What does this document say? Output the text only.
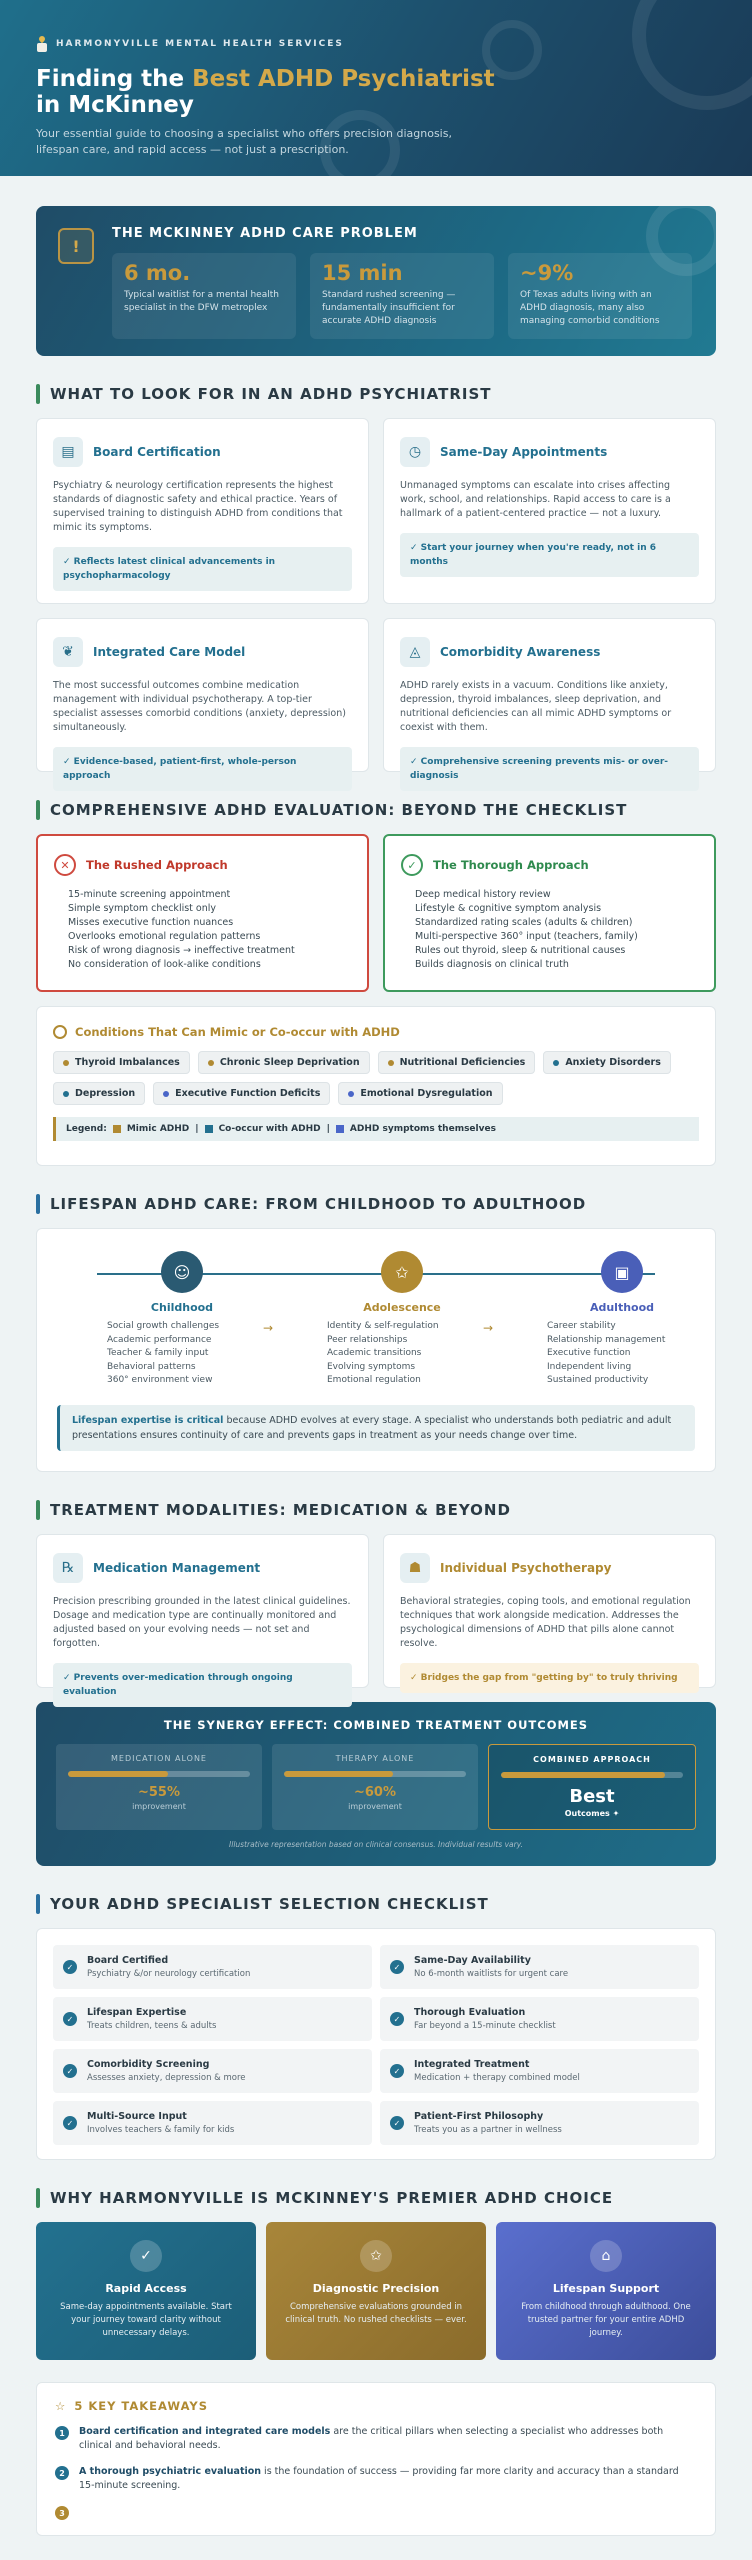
HARMONYVILLE MENTAL HEALTH SERVICES
Finding the Best ADHD Psychiatrist
in McKinney

Your essential guide to choosing a specialist who offers precision diagnosis, lifespan care, and rapid access — not just a prescription.

!
THE MCKINNEY ADHD CARE PROBLEM
6 mo.
Typical waitlist for a mental health specialist in the DFW metroplex
15 min
Standard rushed screening — fundamentally insufficient for accurate ADHD diagnosis
~9%
Of Texas adults living with an ADHD diagnosis, many also managing comorbid conditions
WHAT TO LOOK FOR IN AN ADHD PSYCHIATRIST
▤	Board Certification

Psychiatry & neurology certification represents the highest standards of diagnostic safety and ethical practice. Years of supervised training to distinguish ADHD from conditions that mimic its symptoms.

✓ Reflects latest clinical advancements in psychopharmacology
◷	Same-Day Appointments

Unmanaged symptoms can escalate into crises affecting work, school, and relationships. Rapid access to care is a hallmark of a patient-centered practice — not a luxury.

✓ Start your journey when you're ready, not in 6 months
❦	Integrated Care Model

The most successful outcomes combine medication management with individual psychotherapy. A top-tier specialist assesses comorbid conditions (anxiety, depression) simultaneously.

✓ Evidence-based, patient-first, whole-person approach
◬	Comorbidity Awareness

ADHD rarely exists in a vacuum. Conditions like anxiety, depression, thyroid imbalances, sleep deprivation, and nutritional deficiencies can all mimic ADHD symptoms or coexist with them.

✓ Comprehensive screening prevents mis- or over-diagnosis
COMPREHENSIVE ADHD EVALUATION: BEYOND THE CHECKLIST
✕	The Rushed Approach
15-minute screening appointment
Simple symptom checklist only
Misses executive function nuances
Overlooks emotional regulation patterns
Risk of wrong diagnosis → ineffective treatment
No consideration of look-alike conditions
✓	The Thorough Approach
Deep medical history review
Lifestyle & cognitive symptom analysis
Standardized rating scales (adults & children)
Multi-perspective 360° input (teachers, family)
Rules out thyroid, sleep & nutritional causes
Builds diagnosis on clinical truth
Conditions That Can Mimic or Co-occur with ADHD
Thyroid Imbalances	Chronic Sleep Deprivation	Nutritional Deficiencies	Anxiety Disorders
Depression	Executive Function Deficits	Emotional Dysregulation
Legend: Mimic ADHD | Co-occur with ADHD | ADHD symptoms themselves
LIFESPAN ADHD CARE: FROM CHILDHOOD TO ADULTHOOD
☺
Childhood
Social growth challenges
Academic performance
Teacher & family input
Behavioral patterns
360° environment view
→
✩
Adolescence
Identity & self-regulation
Peer relationships
Academic transitions
Evolving symptoms
Emotional regulation
→
▣
Adulthood
Career stability
Relationship management
Executive function
Independent living
Sustained productivity
Lifespan expertise is critical because ADHD evolves at every stage. A specialist who understands both pediatric and adult presentations ensures continuity of care and prevents gaps in treatment as your needs change over time.
TREATMENT MODALITIES: MEDICATION & BEYOND
℞	Medication Management

Precision prescribing grounded in the latest clinical guidelines. Dosage and medication type are continually monitored and adjusted based on your evolving needs — not set and forgotten.

✓ Prevents over-medication through ongoing evaluation
☗	Individual Psychotherapy

Behavioral strategies, coping tools, and emotional regulation techniques that work alongside medication. Addresses the psychological dimensions of ADHD that pills alone cannot resolve.

✓ Bridges the gap from "getting by" to truly thriving
THE SYNERGY EFFECT: COMBINED TREATMENT OUTCOMES
MEDICATION ALONE
~55%
improvement
THERAPY ALONE
~60%
improvement
COMBINED APPROACH
Best
Outcomes ✦
Illustrative representation based on clinical consensus. Individual results vary.
YOUR ADHD SPECIALIST SELECTION CHECKLIST
✓
Board Certified
Psychiatry &/or neurology certification
✓
Same-Day Availability
No 6-month waitlists for urgent care
✓
Lifespan Expertise
Treats children, teens & adults
✓
Thorough Evaluation
Far beyond a 15-minute checklist
✓
Comorbidity Screening
Assesses anxiety, depression & more
✓
Integrated Treatment
Medication + therapy combined model
✓
Multi-Source Input
Involves teachers & family for kids
✓
Patient-First Philosophy
Treats you as a partner in wellness
WHY HARMONYVILLE IS MCKINNEY'S PREMIER ADHD CHOICE
✓
Rapid Access

Same-day appointments available. Start your journey toward clarity without unnecessary delays.

✩
Diagnostic Precision

Comprehensive evaluations grounded in clinical truth. No rushed checklists — ever.

⌂
Lifespan Support

From childhood through adulthood. One trusted partner for your entire ADHD journey.

☆ 5 KEY TAKEAWAYS
1	Board certification and integrated care models are the critical pillars when selecting a specialist who addresses both clinical and behavioral needs.

2	A thorough psychiatric evaluation is the foundation of success — providing far more clarity and accuracy than a standard 15-minute screening.

3
